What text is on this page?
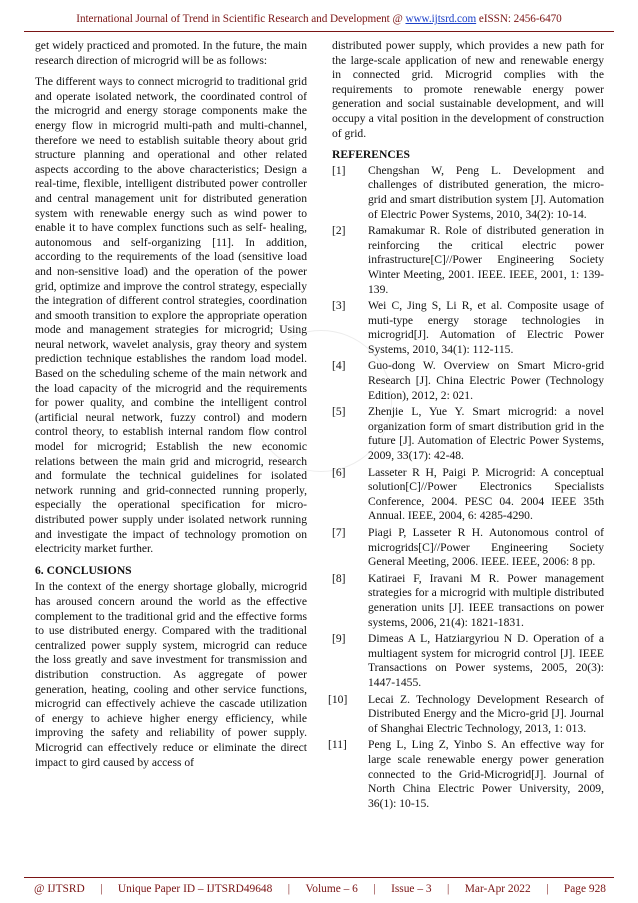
International Journal of Trend in Scientific Research and Development @ www.ijtsrd.com eISSN: 2456-6470

get widely practiced and promoted. In the future, the main research direction of microgrid will be as follows:

The different ways to connect microgrid to traditional grid and operate isolated network, the coordinated control of the microgrid and energy storage components make the energy flow in microgrid multi-path and multi-channel, therefore we need to establish suitable theory about grid structure planning and operational and other related aspects according to the above characteristics; Design a real-time, flexible, intelligent distributed power controller and central management unit for distributed generation system with renewable energy such as wind power to enable it to have complex functions such as self- healing, autonomous and self-organizing [11]. In addition, according to the requirements of the load (sensitive load and non-sensitive load) and the operation of the power grid, optimize and improve the control strategy, especially the integration of different control strategies, coordination and smooth transition to explore the appropriate operation mode and management strategies for microgrid; Using neural network, wavelet analysis, gray theory and system prediction technique establishes the random load model. Based on the scheduling scheme of the main network and the load capacity of the microgrid and the requirements for power quality, and combine the intelligent control (artificial neural network, fuzzy control) and modern control theory, to establish internal random flow control model for microgrid; Establish the new economic relations between the main grid and microgrid, research and formulate the technical guidelines for isolated network running and grid-connected running properly, especially the operational specification for micro- distributed power supply under isolated network running and investigate the impact of technology promotion on electricity market further.

6. CONCLUSIONS

In the context of the energy shortage globally, microgrid has aroused concern around the world as the effective complement to the traditional grid and the effective forms to use distributed energy. Compared with the traditional centralized power supply system, microgrid can reduce the loss greatly and save investment for transmission and distribution construction. As aggregate of power generation, heating, cooling and other service functions, microgrid can effectively achieve the cascade utilization of energy to achieve higher energy efficiency, while improving the safety and reliability of power supply. Microgrid can effectively reduce or eliminate the direct impact to gird caused by access of

distributed power supply, which provides a new path for the large-scale application of new and renewable energy in connected grid. Microgrid complies with the requirements to promote renewable energy power generation and social sustainable development, and will occupy a vital position in the development of construction of grid.

REFERENCES
[1] Chengshan W, Peng L. Development and challenges of distributed generation, the micro-grid and smart distribution system [J]. Automation of Electric Power Systems, 2010, 34(2): 10-14.
[2] Ramakumar R. Role of distributed generation in reinforcing the critical electric power infrastructure[C]//Power Engineering Society Winter Meeting, 2001. IEEE. IEEE, 2001, 1: 139-139.
[3] Wei C, Jing S, Li R, et al. Composite usage of muti-type energy storage technologies in microgrid[J]. Automation of Electric Power Systems, 2010, 34(1): 112-115.
[4] Guo-dong W. Overview on Smart Micro-grid Research [J]. China Electric Power (Technology Edition), 2012, 2: 021.
[5] Zhenjie L, Yue Y. Smart microgrid: a novel organization form of smart distribution grid in the future [J]. Automation of Electric Power Systems, 2009, 33(17): 42-48.
[6] Lasseter R H, Paigi P. Microgrid: A conceptual solution[C]//Power Electronics Specialists Conference, 2004. PESC 04. 2004 IEEE 35th Annual. IEEE, 2004, 6: 4285-4290.
[7] Piagi P, Lasseter R H. Autonomous control of microgrids[C]//Power Engineering Society General Meeting, 2006. IEEE. IEEE, 2006: 8 pp.
[8] Katiraei F, Iravani M R. Power management strategies for a microgrid with multiple distributed generation units [J]. IEEE transactions on power systems, 2006, 21(4): 1821-1831.
[9] Dimeas A L, Hatziargyriou N D. Operation of a multiagent system for microgrid control [J]. IEEE Transactions on Power systems, 2005, 20(3): 1447-1455.
[10] Lecai Z. Technology Development Research of Distributed Energy and the Micro-grid [J]. Journal of Shanghai Electric Technology, 2013, 1: 013.
[11] Peng L, Ling Z, Yinbo S. An effective way for large scale renewable energy power generation connected to the Grid-Microgrid[J]. Journal of North China Electric Power University, 2009, 36(1): 10-15.
@ IJTSRD | Unique Paper ID – IJTSRD49648 | Volume – 6 | Issue – 3 | Mar-Apr 2022 | Page 928
